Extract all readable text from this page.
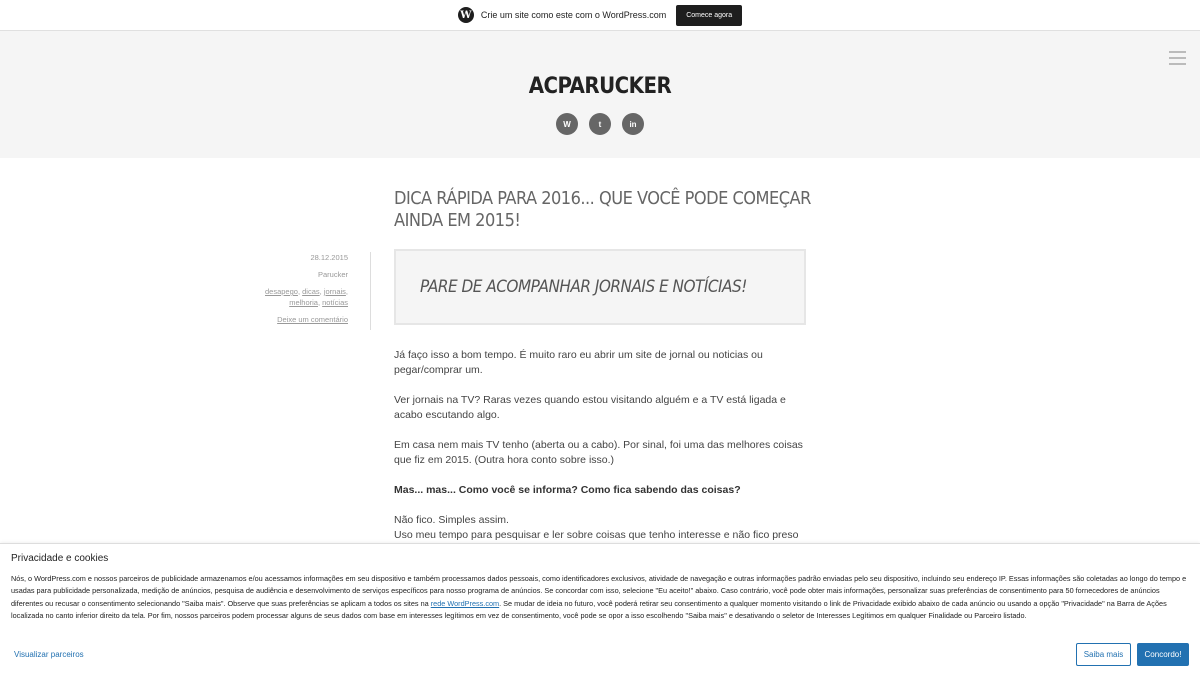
W Crie um site como este com o WordPress.com	Comece agora
ACPARUCKER
W	t	in
DICA RÁPIDA PARA 2016... QUE VOCÊ PODE COMEÇAR AINDA EM 2015!
28.12.2015
Parucker
desapego, dicas, jornais,
melhoria, notícias
Deixe um comentário
PARE DE ACOMPANHAR JORNAIS E NOTÍCIAS!

Já faço isso a bom tempo. É muito raro eu abrir um site de jornal ou noticias ou pegar/comprar um.

Ver jornais na TV? Raras vezes quando estou visitando alguém e a TV está ligada e acabo escutando algo.

Em casa nem mais TV tenho (aberta ou a cabo). Por sinal, foi uma das melhores coisas que fiz em 2015. (Outra hora conto sobre isso.)

Mas... mas... Como você se informa? Como fica sabendo das coisas?

Não fico. Simples assim.

Uso meu tempo para pesquisar e ler sobre coisas que tenho interesse e não fico preso

Privacidade e cookies
Nós, o WordPress.com e nossos parceiros de publicidade armazenamos e/ou acessamos informações em seu dispositivo e também processamos dados pessoais, como identificadores exclusivos, atividade de navegação e outras informações padrão enviadas pelo seu dispositivo, incluindo seu endereço IP. Essas informações são coletadas ao longo do tempo e usadas para publicidade personalizada, medição de anúncios, pesquisa de audiência e desenvolvimento de serviços específicos para nosso programa de anúncios. Se concordar com isso, selecione "Eu aceito!" abaixo. Caso contrário, você pode obter mais informações, personalizar suas preferências de consentimento para 50 fornecedores de anúncios diferentes ou recusar o consentimento selecionando "Saiba mais". Observe que suas preferências se aplicam a todos os sites na rede WordPress.com. Se mudar de ideia no futuro, você poderá retirar seu consentimento a qualquer momento visitando o link de Privacidade exibido abaixo de cada anúncio ou usando a opção "Privacidade" na Barra de Ações localizada no canto inferior direito da tela. Por fim, nossos parceiros podem processar alguns de seus dados com base em interesses legítimos em vez de consentimento, você pode se opor a isso escolhendo "Saiba mais" e desativando o seletor de Interesses Legítimos em qualquer Finalidade ou Parceiro listado.
Visualizar parceiros	Saiba mais	Concordo!
